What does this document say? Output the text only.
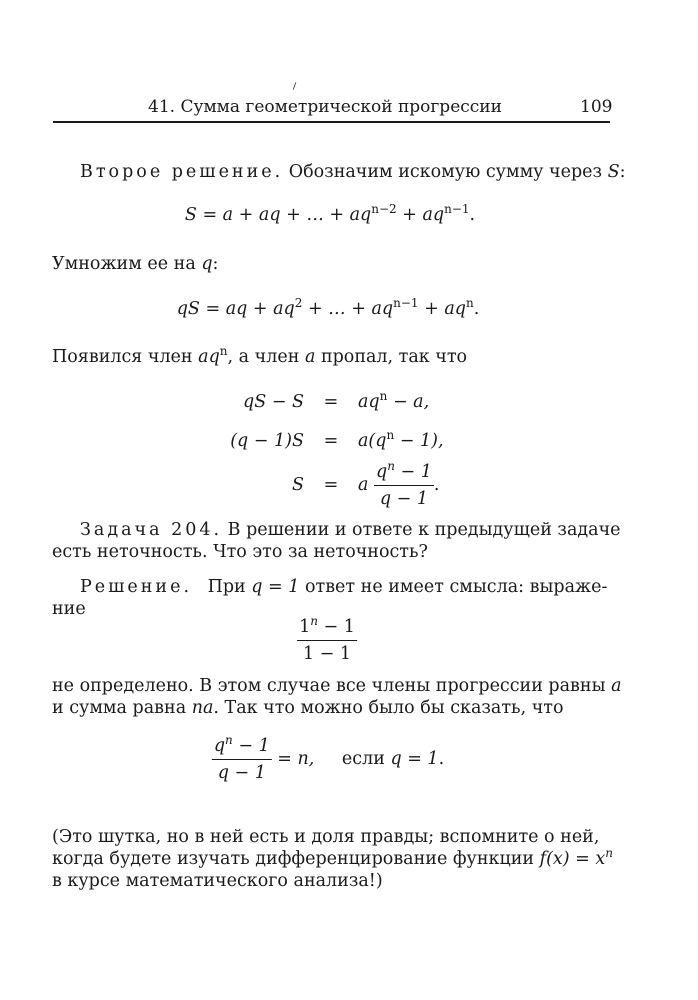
41. Сумма геометрической прогрессии	109
Второе решение. Обозначим искомую сумму через S:
S = a + aq + … + $aq^{n-2} + aq^{n-1}$.
Умножим ее на q:
qS = aq + $aq^2$ + … + $aq^{n-1} + aq^n$.
Появился член $aq^n$, а член a пропал, так что
qS − S	=	$aq^n - a$,
(q − 1)S	=	$a(q^n - 1)$,
S	=	a $\frac{q^n - 1}{q - 1}$ .
Задача 204. В решении и ответе к предыдущей задаче
есть неточность. Что это за неточность?
Решение. При q = 1 ответ не имеет смысла: выраже-
ние
$\frac{1^n - 1}{1 - 1}$
не определено. В этом случае все члены прогрессии равны a
и сумма равна na. Так что можно было бы сказать, что
$\frac{q^n - 1}{q - 1} = n$, если q = 1.
(Это шутка, но в ней есть и доля правды; вспомните о ней,
когда будете изучать дифференцирование функции $f(x) = x^n$
в курсе математического анализа!)
